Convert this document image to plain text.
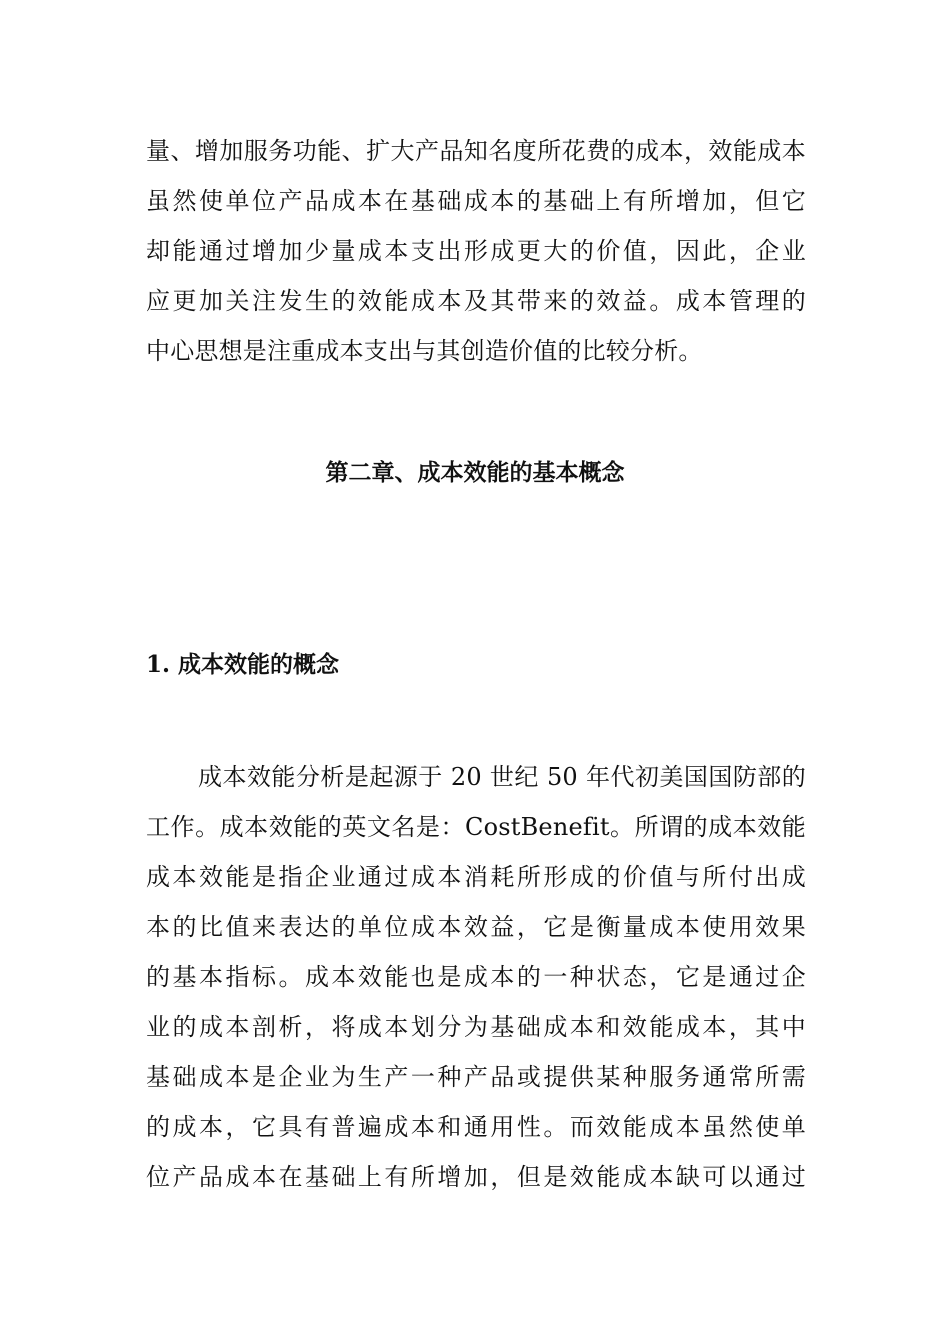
量、增加服务功能、扩大产品知名度所花费的成本，效能成本
虽然使单位产品成本在基础成本的基础上有所增加，但它
却能通过增加少量成本支出形成更大的价值，因此，企业
应更加关注发生的效能成本及其带来的效益。成本管理的
中心思想是注重成本支出与其创造价值的比较分析。
第二章、成本效能的基本概念
1. 成本效能的概念
成本效能分析是起源于 20 世纪 50 年代初美国国防部的
工作。成本效能的英文名是：CostBenefit。所谓的成本效能
成本效能是指企业通过成本消耗所形成的价值与所付出成
本的比值来表达的单位成本效益，它是衡量成本使用效果
的基本指标。成本效能也是成本的一种状态，它是通过企
业的成本剖析，将成本划分为基础成本和效能成本，其中
基础成本是企业为生产一种产品或提供某种服务通常所需
的成本，它具有普遍成本和通用性。而效能成本虽然使单
位产品成本在基础上有所增加，但是效能成本缺可以通过
